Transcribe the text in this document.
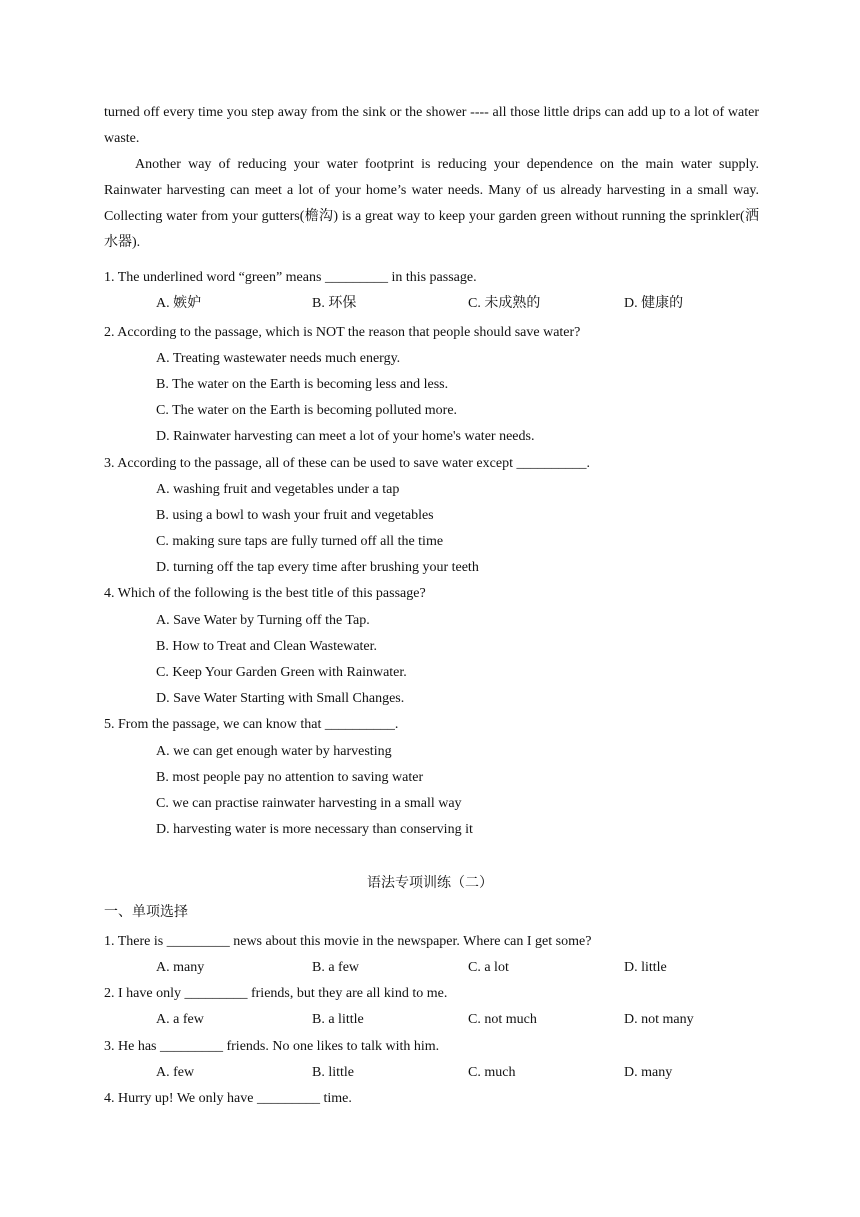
turned off every time you step away from the sink or the shower ---- all those little drips can add up to a lot of water waste.

Another way of reducing your water footprint is reducing your dependence on the main water supply. Rainwater harvesting can meet a lot of your home’s water needs. Many of us already harvesting in a small way. Collecting water from your gutters(檐沟) is a great way to keep your garden green without running the sprinkler(洒水器).

1. The underlined word “green” means _________ in this passage.
A. 嫉妒	B. 环保	C. 未成熟的	D. 健康的
2. According to the passage, which is NOT the reason that people should save water?
A. Treating wastewater needs much energy.
B. The water on the Earth is becoming less and less.
C. The water on the Earth is becoming polluted more.
D. Rainwater harvesting can meet a lot of your home's water needs.
3. According to the passage, all of these can be used to save water except __________.
A. washing fruit and vegetables under a tap
B. using a bowl to wash your fruit and vegetables
C. making sure taps are fully turned off all the time
D. turning off the tap every time after brushing your teeth
4. Which of the following is the best title of this passage?
A. Save Water by Turning off the Tap.
B. How to Treat and Clean Wastewater.
C. Keep Your Garden Green with Rainwater.
D. Save Water Starting with Small Changes.
5. From the passage, we can know that __________.
A. we can get enough water by harvesting
B. most people pay no attention to saving water
C. we can practise rainwater harvesting in a small way
D. harvesting water is more necessary than conserving it
语法专项训练（二）
一、单项选择
1. There is _________ news about this movie in the newspaper. Where can I get some?
A. many	B. a few	C. a lot	D. little
2. I have only _________ friends, but they are all kind to me.
A. a few	B. a little	C. not much	D. not many
3. He has _________ friends. No one likes to talk with him.
A. few	B. little	C. much	D. many
4. Hurry up! We only have _________ time.
